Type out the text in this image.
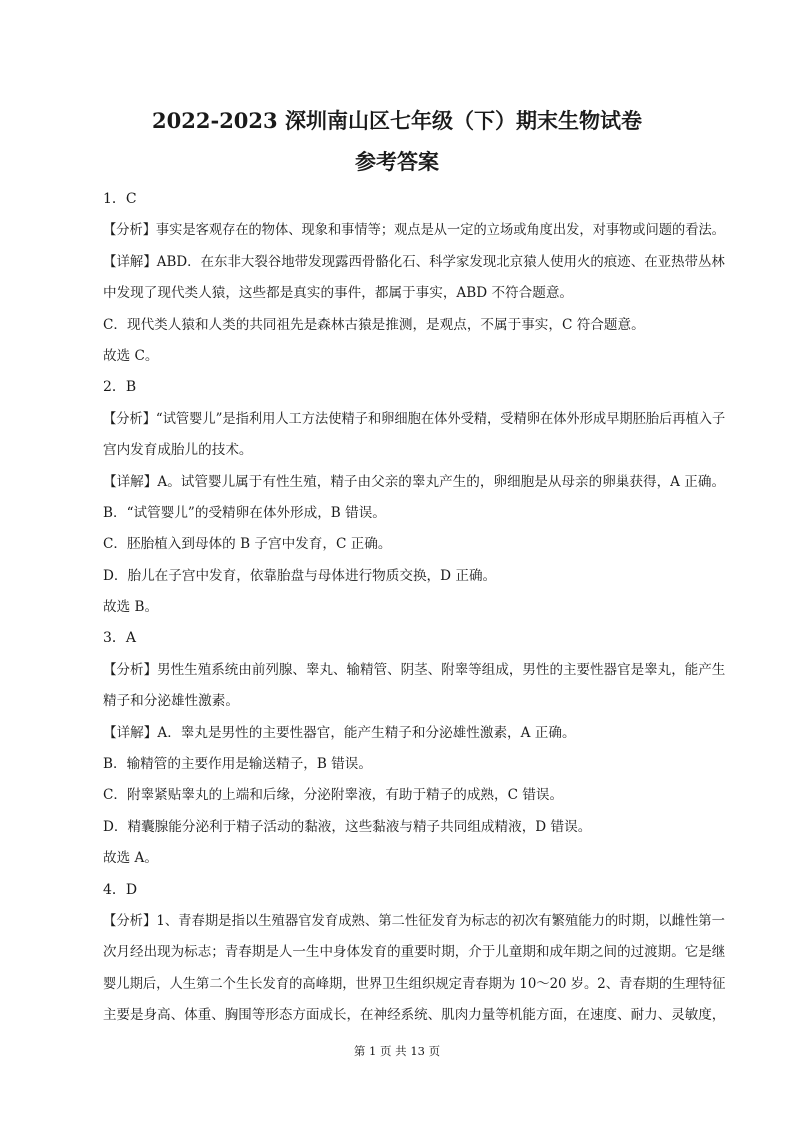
2022-2023 深圳南山区七年级（下）期末生物试卷
参考答案
1．C
【分析】事实是客观存在的物体、现象和事情等；观点是从一定的立场或角度出发，对事物或问题的看法。
【详解】ABD．在东非大裂谷地带发现露西骨骼化石、科学家发现北京猿人使用火的痕迹、在亚热带丛林
中发现了现代类人猿，这些都是真实的事件，都属于事实，ABD 不符合题意。
C．现代类人猿和人类的共同祖先是森林古猿是推测，是观点，不属于事实，C 符合题意。
故选 C。
2．B
【分析】“试管婴儿”是指利用人工方法使精子和卵细胞在体外受精，受精卵在体外形成早期胚胎后再植入子
宫内发育成胎儿的技术。
【详解】A。试管婴儿属于有性生殖，精子由父亲的睾丸产生的，卵细胞是从母亲的卵巢获得，A 正确。
B．“试管婴儿”的受精卵在体外形成，B 错误。
C．胚胎植入到母体的 B 子宫中发育，C 正确。
D．胎儿在子宫中发育，依靠胎盘与母体进行物质交换，D 正确。
故选 B。
3．A
【分析】男性生殖系统由前列腺、睾丸、输精管、阴茎、附睾等组成，男性的主要性器官是睾丸，能产生
精子和分泌雄性激素。
【详解】A．睾丸是男性的主要性器官，能产生精子和分泌雄性激素，A 正确。
B．输精管的主要作用是输送精子，B 错误。
C．附睾紧贴睾丸的上端和后缘，分泌附睾液，有助于精子的成熟，C 错误。
D．精囊腺能分泌利于精子活动的黏液，这些黏液与精子共同组成精液，D 错误。
故选 A。
4．D
【分析】1、青春期是指以生殖器官发育成熟、第二性征发育为标志的初次有繁殖能力的时期，以雌性第一
次月经出现为标志；青春期是人一生中身体发育的重要时期，介于儿童期和成年期之间的过渡期。它是继
婴儿期后，人生第二个生长发育的高峰期，世界卫生组织规定青春期为 10～20 岁。2、青春期的生理特征
主要是身高、体重、胸围等形态方面成长，在神经系统、肌肉力量等机能方面，在速度、耐力、灵敏度，
第 1 页 共 13 页
